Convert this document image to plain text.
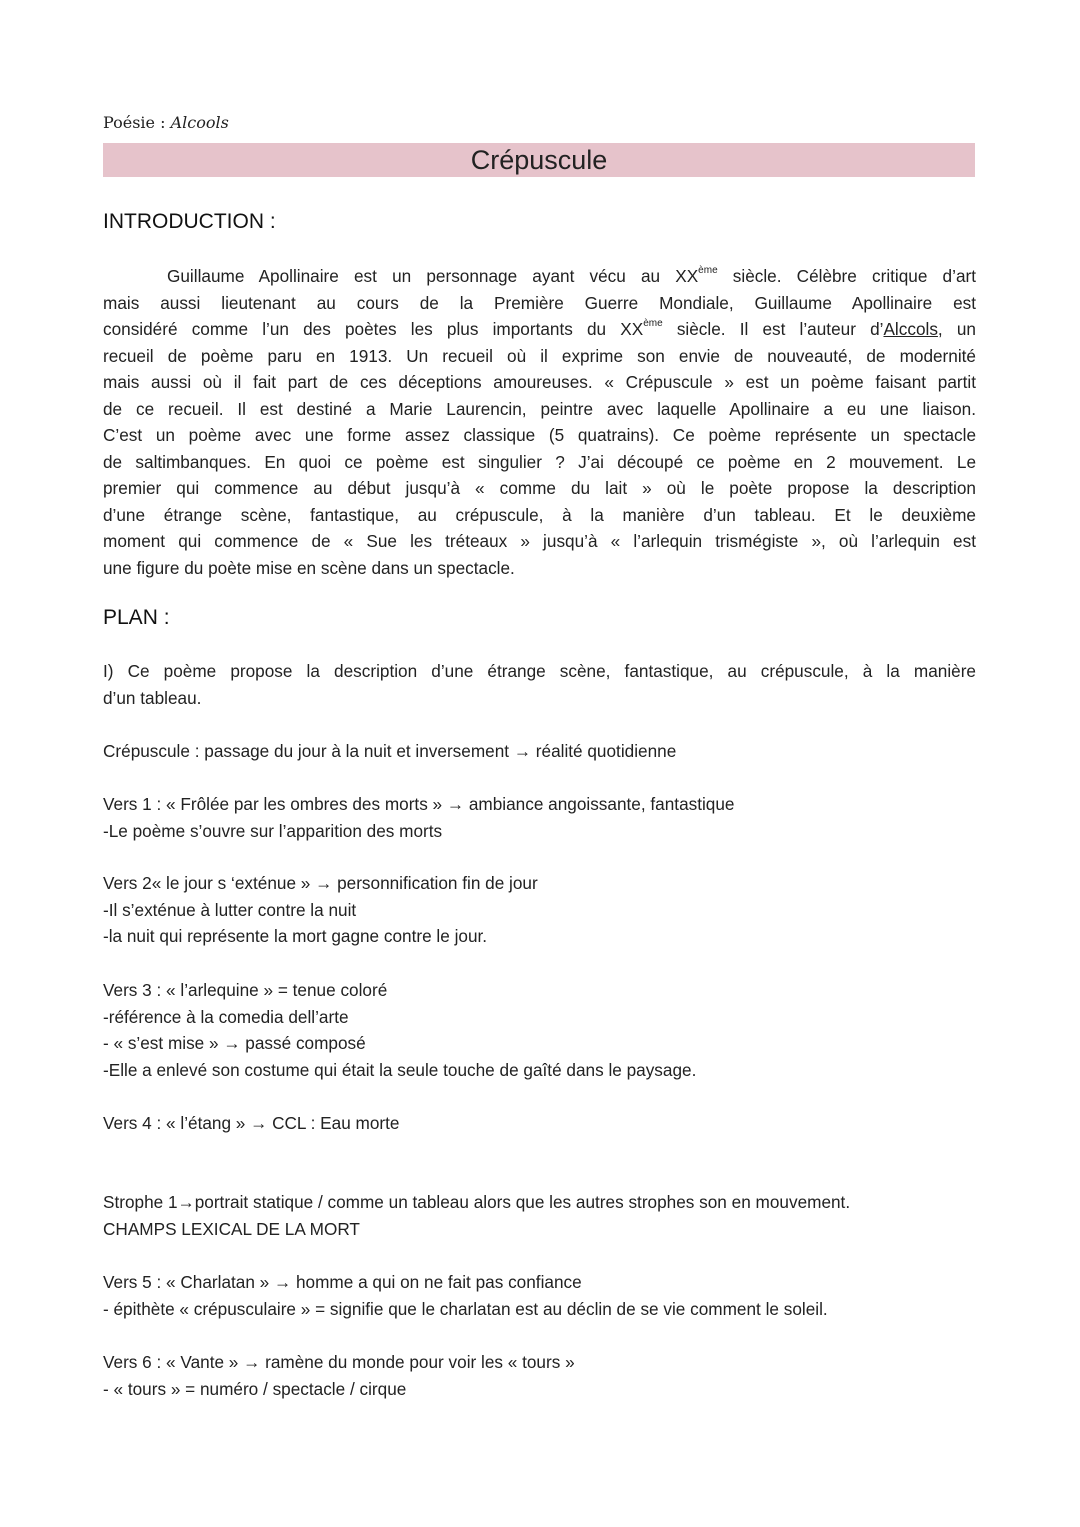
Poésie : Alcools
Crépuscule
INTRODUCTION :
Guillaume Apollinaire est un personnage ayant vécu au XXème siècle. Célèbre critique d’art
mais aussi lieutenant au cours de la Première Guerre Mondiale, Guillaume Apollinaire est
considéré comme l’un des poètes les plus importants du XXème siècle. Il est l’auteur d’Alccols, un
recueil de poème paru en 1913. Un recueil où il exprime son envie de nouveauté, de modernité
mais aussi où il fait part de ces déceptions amoureuses. « Crépuscule » est un poème faisant partit
de ce recueil. Il est destiné a Marie Laurencin, peintre avec laquelle Apollinaire a eu une liaison.
C’est un poème avec une forme assez classique (5 quatrains). Ce poème représente un spectacle
de saltimbanques. En quoi ce poème est singulier ? J’ai découpé ce poème en 2 mouvement. Le
premier qui commence au début jusqu’à « comme du lait » où le poète propose la description
d’une étrange scène, fantastique, au crépuscule, à la manière d’un tableau. Et le deuxième
moment qui commence de « Sue les tréteaux » jusqu’à « l’arlequin trismégiste », où l’arlequin est
une figure du poète mise en scène dans un spectacle.
PLAN :
I) Ce poème propose la description d’une étrange scène, fantastique, au crépuscule, à la manière
d’un tableau.
Crépuscule : passage du jour à la nuit et inversement → réalité quotidienne
Vers 1 : « Frôlée par les ombres des morts » → ambiance angoissante, fantastique
-Le poème s’ouvre sur l’apparition des morts
Vers 2« le jour s ‘exténue » → personnification fin de jour
-Il s’exténue à lutter contre la nuit
-la nuit qui représente la mort gagne contre le jour.
Vers 3 : « l’arlequine » = tenue coloré
-référence à la comedia dell’arte
- « s’est mise » → passé composé
-Elle a enlevé son costume qui était la seule touche de gaîté dans le paysage.
Vers 4 : « l’étang » → CCL : Eau morte
Strophe 1→portrait statique / comme un tableau alors que les autres strophes son en mouvement.
CHAMPS LEXICAL DE LA MORT
Vers 5 : « Charlatan » → homme a qui on ne fait pas confiance
- épithète « crépusculaire » = signifie que le charlatan est au déclin de se vie comment le soleil.
Vers 6 : « Vante » → ramène du monde pour voir les « tours »
- « tours » = numéro / spectacle / cirque
